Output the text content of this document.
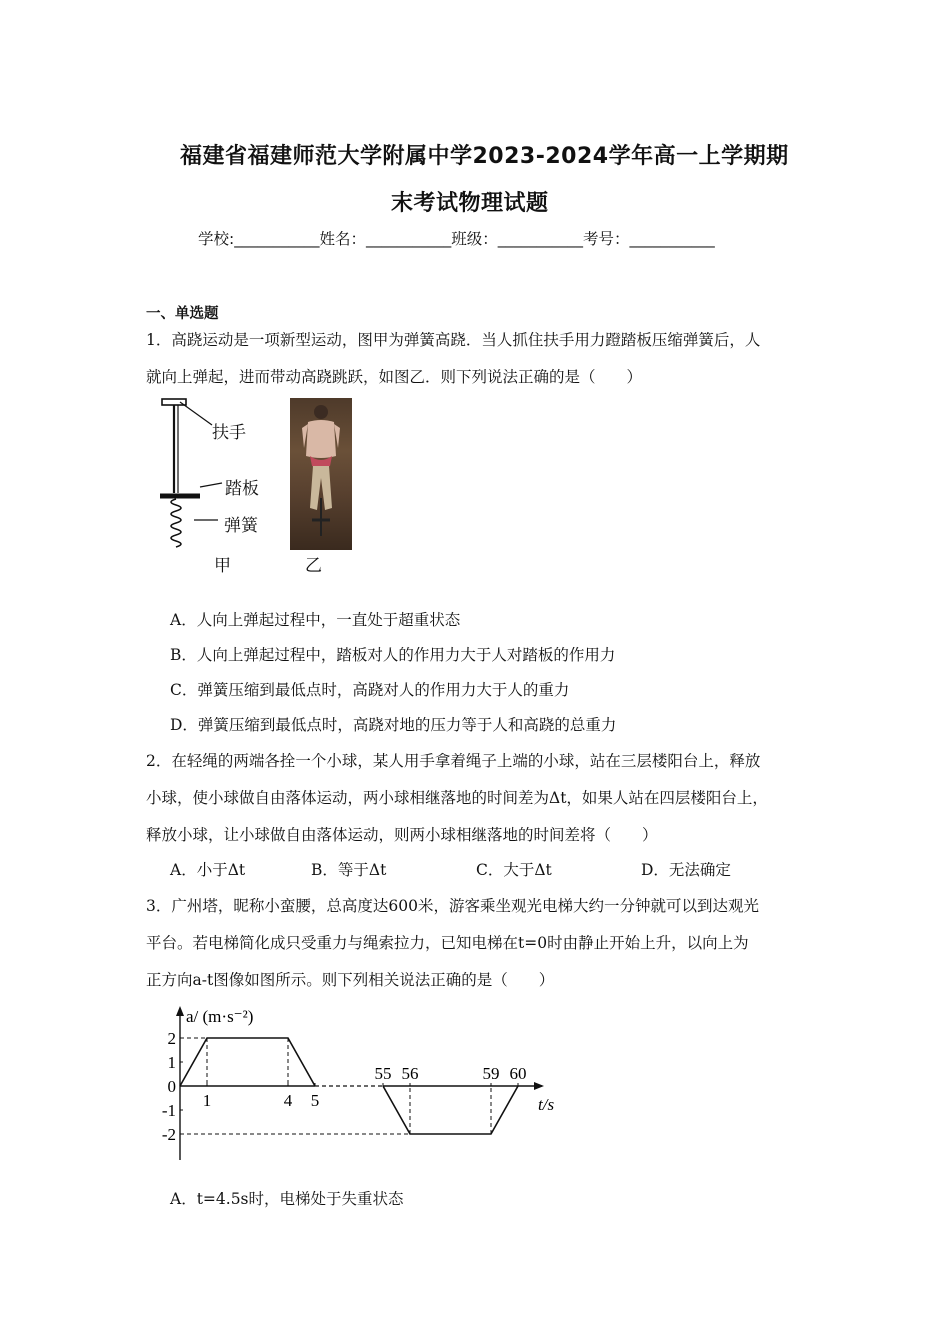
福建省福建师范大学附属中学2023-2024学年高一上学期期
末考试物理试题
学校:___________姓名：___________班级：___________考号：___________
一、单选题
1．高跷运动是一项新型运动，图甲为弹簧高跷．当人抓住扶手用力蹬踏板压缩弹簧后，人
就向上弹起，进而带动高跷跳跃，如图乙．则下列说法正确的是（　　）
扶手
踏板
弹簧
甲	乙
A．人向上弹起过程中，一直处于超重状态
B．人向上弹起过程中，踏板对人的作用力大于人对踏板的作用力
C．弹簧压缩到最低点时，高跷对人的作用力大于人的重力
D．弹簧压缩到最低点时，高跷对地的压力等于人和高跷的总重力
2．在轻绳的两端各拴一个小球，某人用手拿着绳子上端的小球，站在三层楼阳台上，释放
小球，使小球做自由落体运动，两小球相继落地的时间差为Δt，如果人站在四层楼阳台上，
释放小球，让小球做自由落体运动，则两小球相继落地的时间差将（　　）
A．小于Δt	B．等于Δt	C．大于Δt	D．无法确定
3．广州塔，昵称小蛮腰，总高度达600米，游客乘坐观光电梯大约一分钟就可以到达观光
平台。若电梯简化成只受重力与绳索拉力，已知电梯在t=0时由静止开始上升，以向上为
正方向a-t图像如图所示。则下列相关说法正确的是（　　）
1	4 5
55 56	59 60
2
1
0
-1
-2
a/ (m·s⁻²)
t/s
A．t=4.5s时，电梯处于失重状态
